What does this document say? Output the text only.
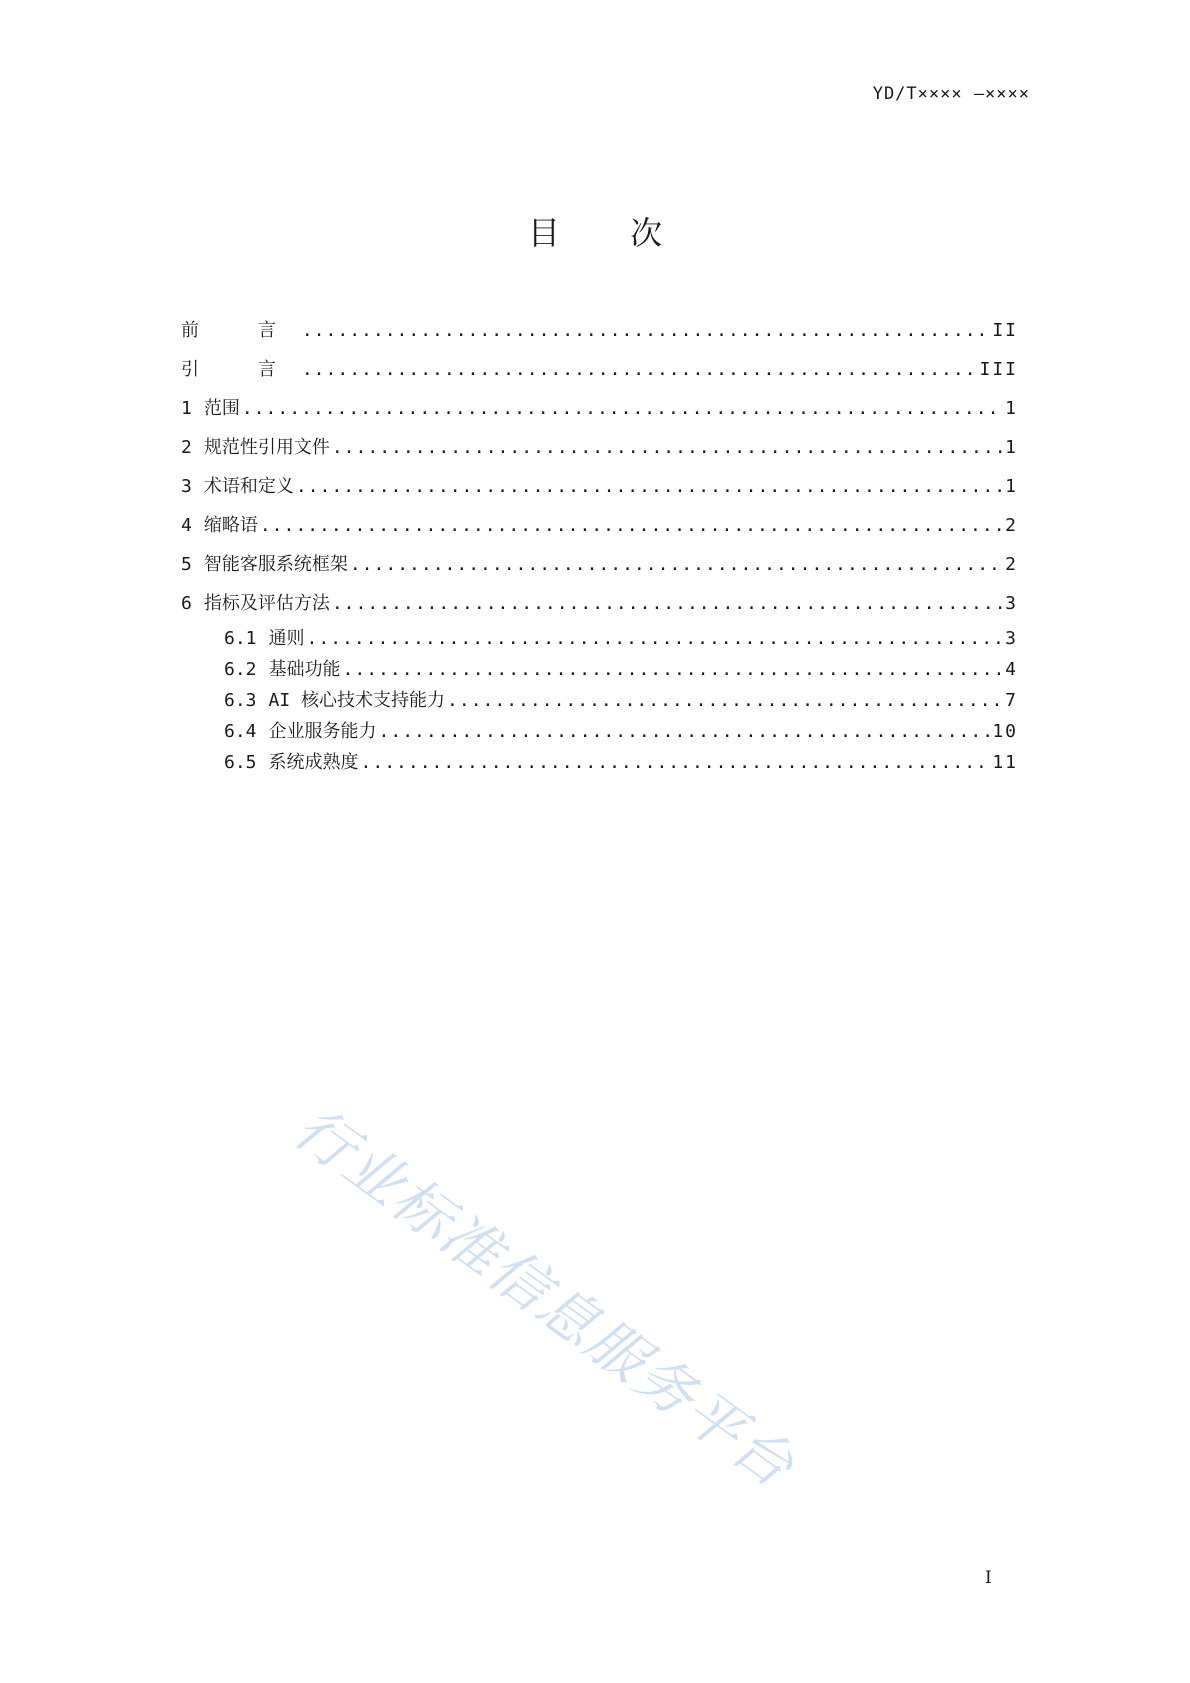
YD/T×××× —××××
目 次
前 言 .....	II
引 言 .....	III
1 范围 .....	1
2 规范性引用文件 .....	1
3 术语和定义 .....	1
4 缩略语 .....	2
5 智能客服系统框架 .....	2
6 指标及评估方法 .....	3
6.1 通则 .....	3
6.2 基础功能 .....	4
6.3 AI 核心技术支持能力 .....	7
6.4 企业服务能力 .....	10
6.5 系统成熟度 .....	11
行业标准信息服务平台
I
